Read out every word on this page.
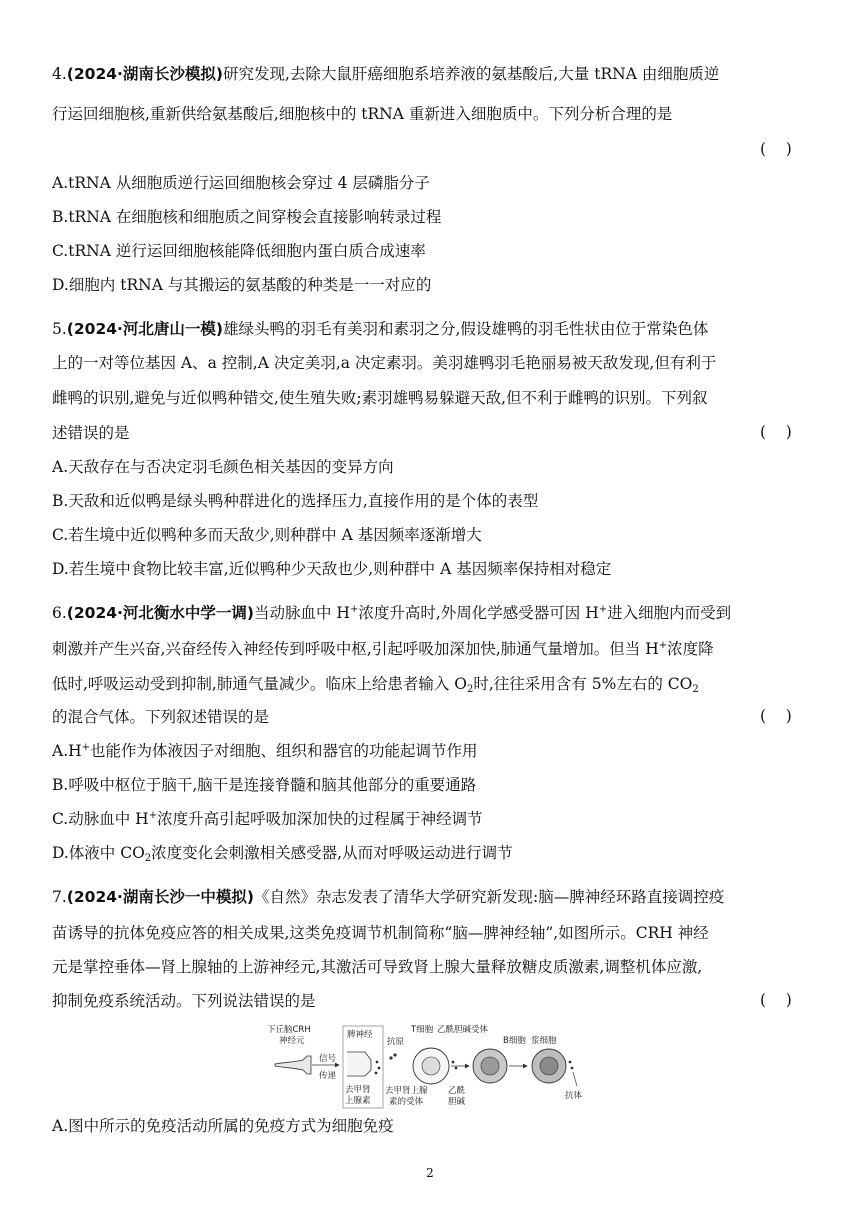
4.(2024·湖南长沙模拟)研究发现,去除大鼠肝癌细胞系培养液的氨基酸后,大量 tRNA 由细胞质逆
行运回细胞核,重新供给氨基酸后,细胞核中的 tRNA 重新进入细胞质中。下列分析合理的是
(    )
A.tRNA 从细胞质逆行运回细胞核会穿过 4 层磷脂分子
B.tRNA 在细胞核和细胞质之间穿梭会直接影响转录过程
C.tRNA 逆行运回细胞核能降低细胞内蛋白质合成速率
D.细胞内 tRNA 与其搬运的氨基酸的种类是一一对应的
5.(2024·河北唐山一模)雄绿头鸭的羽毛有美羽和素羽之分,假设雄鸭的羽毛性状由位于常染色体
上的一对等位基因 A、a 控制,A 决定美羽,a 决定素羽。美羽雄鸭羽毛艳丽易被天敌发现,但有利于
雌鸭的识别,避免与近似鸭种错交,使生殖失败;素羽雄鸭易躲避天敌,但不利于雌鸭的识别。下列叙
述错误的是	(    )
A.天敌存在与否决定羽毛颜色相关基因的变异方向
B.天敌和近似鸭是绿头鸭种群进化的选择压力,直接作用的是个体的表型
C.若生境中近似鸭种多而天敌少,则种群中 A 基因频率逐渐增大
D.若生境中食物比较丰富,近似鸭种少天敌也少,则种群中 A 基因频率保持相对稳定
6.(2024·河北衡水中学一调)当动脉血中 H+浓度升高时,外周化学感受器可因 H+进入细胞内而受到
刺激并产生兴奋,兴奋经传入神经传到呼吸中枢,引起呼吸加深加快,肺通气量增加。但当 H+浓度降
低时,呼吸运动受到抑制,肺通气量减少。临床上给患者输入 $O_2$时,往往采用含有 5%左右的 $CO_2$
的混合气体。下列叙述错误的是	(    )
A.H+也能作为体液因子对细胞、组织和器官的功能起调节作用
B.呼吸中枢位于脑干,脑干是连接脊髓和脑其他部分的重要通路
C.动脉血中 H+浓度升高引起呼吸加深加快的过程属于神经调节
D.体液中 $CO_2$浓度变化会刺激相关感受器,从而对呼吸运动进行调节
7.(2024·湖南长沙一中模拟)《自然》杂志发表了清华大学研究新发现:脑—脾神经环路直接调控疫
苗诱导的抗体免疫应答的相关成果,这类免疫调节机制简称“脑—脾神经轴”,如图所示。CRH 神经
元是掌控垂体—肾上腺轴的上游神经元,其激活可导致肾上腺大量释放糖皮质激素,调整机体应激,
抑制免疫系统活动。下列说法错误的是	(    )
下丘脑CRH
神经元
信号
传递
脾神经
去甲肾
上腺素
抗原
T细胞
去甲肾上腺
素的受体
乙酰
胆碱
乙酰胆碱受体
B细胞 浆细胞
抗体
A.图中所示的免疫活动所属的免疫方式为细胞免疫
2
